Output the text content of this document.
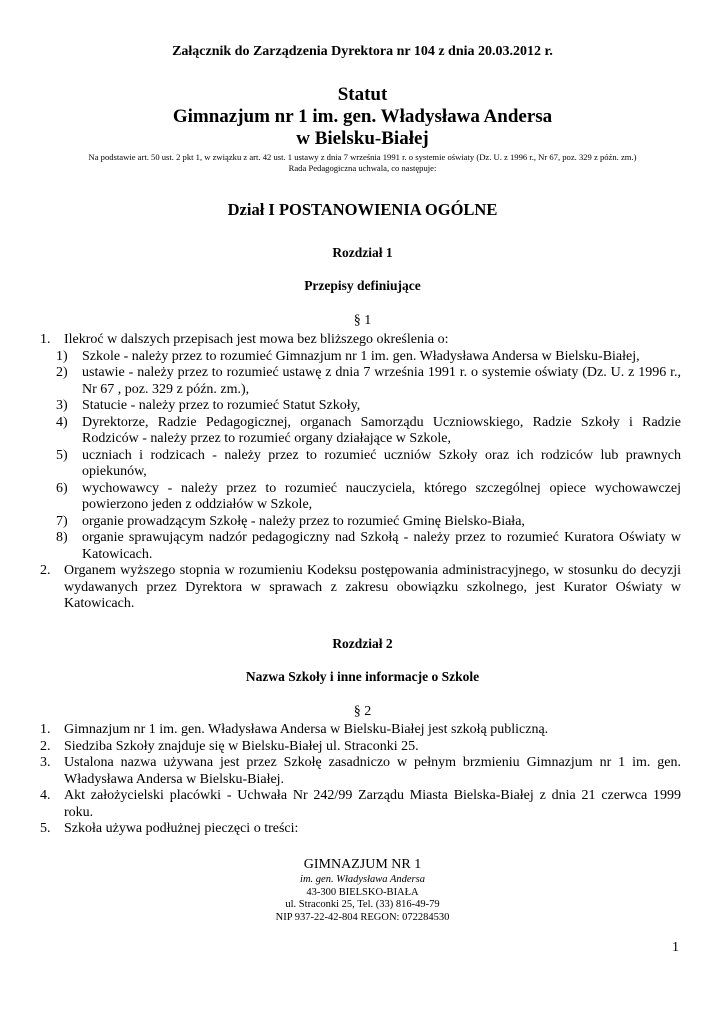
Załącznik do Zarządzenia Dyrektora nr 104 z dnia 20.03.2012 r.
Statut
Gimnazjum nr 1 im. gen. Władysława Andersa
w Bielsku-Białej
Na podstawie art. 50 ust. 2 pkt 1, w związku z art. 42 ust. 1 ustawy z dnia 7 września 1991 r. o systemie oświaty (Dz. U. z 1996 r., Nr 67, poz. 329 z późn. zm.)
Rada Pedagogiczna uchwala, co następuje:
Dział I POSTANOWIENIA OGÓLNE
Rozdział 1
Przepisy definiujące
§ 1
1. Ilekroć w dalszych przepisach jest mowa bez bliższego określenia o:
1)	Szkole - należy przez to rozumieć Gimnazjum nr 1 im. gen. Władysława Andersa w Bielsku-Białej,
2)	ustawie - należy przez to rozumieć ustawę z dnia 7 września 1991 r. o systemie oświaty (Dz. U. z 1996 r., Nr 67 , poz. 329 z późn. zm.),
3)	Statucie - należy przez to rozumieć Statut Szkoły,
4)	Dyrektorze, Radzie Pedagogicznej, organach Samorządu Uczniowskiego, Radzie Szkoły i Radzie Rodziców - należy przez to rozumieć organy działające w Szkole,
5)	uczniach i rodzicach - należy przez to rozumieć uczniów Szkoły oraz ich rodziców lub prawnych opiekunów,
6)	wychowawcy - należy przez to rozumieć nauczyciela, którego szczególnej opiece wychowawczej powierzono jeden z oddziałów w Szkole,
7)	organie prowadzącym Szkołę - należy przez to rozumieć Gminę Bielsko-Biała,
8)	organie sprawującym nadzór pedagogiczny nad Szkołą - należy przez to rozumieć Kuratora Oświaty w Katowicach.
2. Organem wyższego stopnia w rozumieniu Kodeksu postępowania administracyjnego, w stosunku do decyzji wydawanych przez Dyrektora w sprawach z zakresu obowiązku szkolnego, jest Kurator Oświaty w Katowicach.
Rozdział 2
Nazwa Szkoły i inne informacje o Szkole
§ 2
1. Gimnazjum nr 1 im. gen. Władysława Andersa w Bielsku-Białej jest szkołą publiczną.
2. Siedziba Szkoły znajduje się w Bielsku-Białej ul. Straconki 25.
3. Ustalona nazwa używana jest przez Szkołę zasadniczo w pełnym brzmieniu Gimnazjum nr 1 im. gen. Władysława Andersa w Bielsku-Białej.
4. Akt założycielski placówki - Uchwała Nr 242/99 Zarządu Miasta Bielska-Białej z dnia 21 czerwca 1999 roku.
5. Szkoła używa podłużnej pieczęci o treści:
GIMNAZJUM NR 1
im. gen. Władysława Andersa
43-300 BIELSKO-BIAŁA
ul. Straconki 25, Tel. (33) 816-49-79
NIP 937-22-42-804 REGON: 072284530
1
